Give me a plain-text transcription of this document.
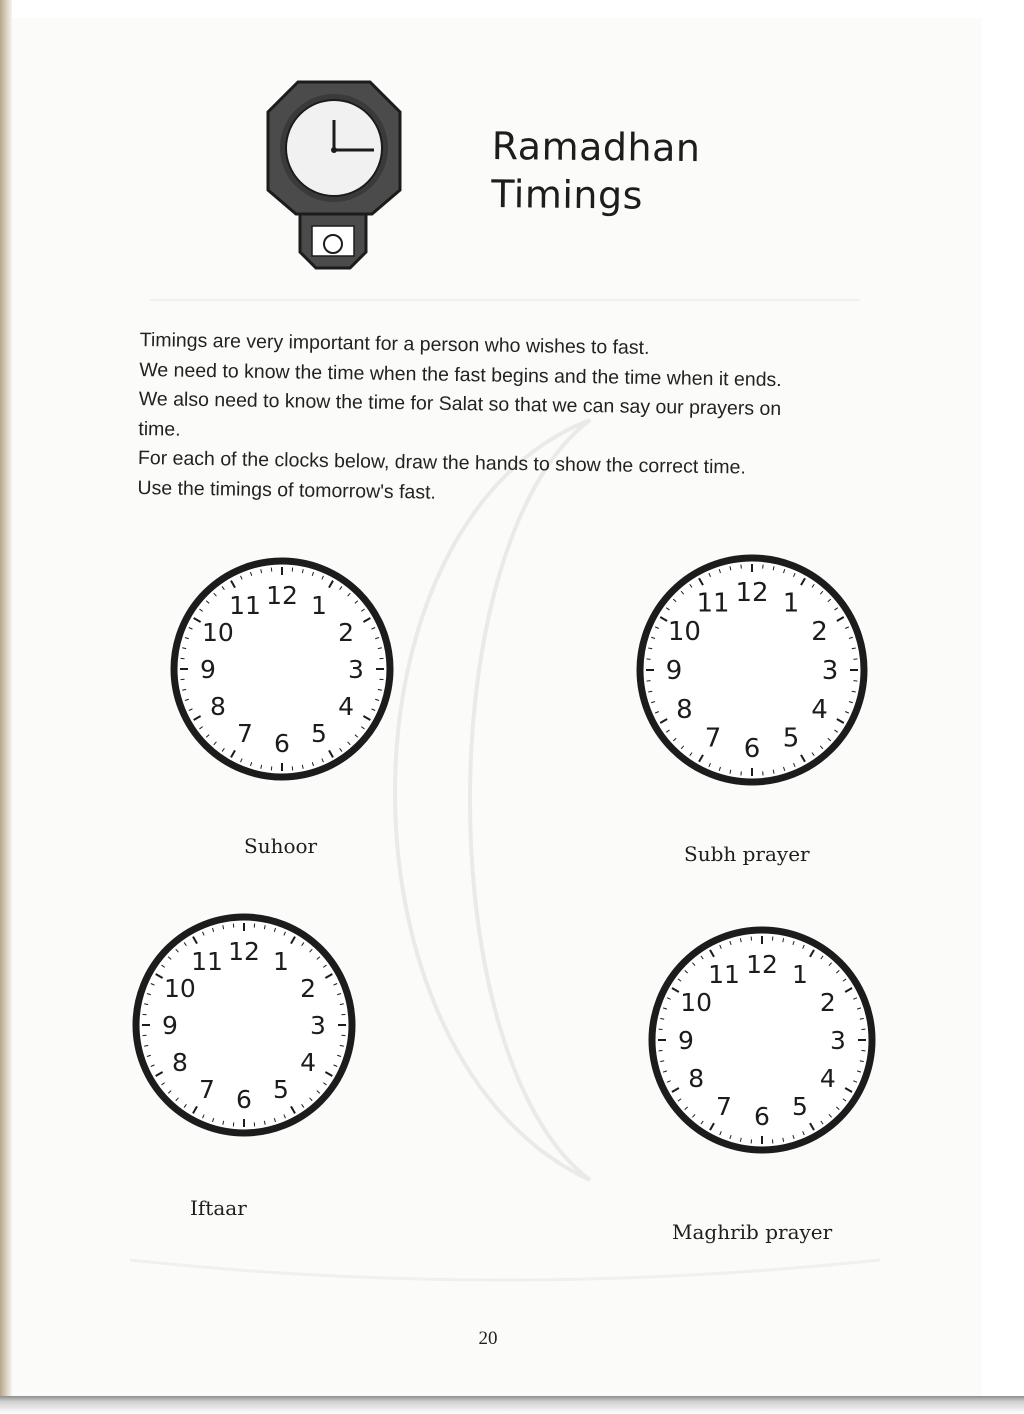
Ramadhan
Timings

Timings are very important for a person who wishes to fast.

We need to know the time when the fast begins and the time when it ends.

We also need to know the time for Salat so that we can say our prayers on

time.

For each of the clocks below, draw the hands to show the correct time.

Use the timings of tomorrow's fast.

12 1
2
3
4
5
6
7
8
9
10
11	12 1
2
3
4
5
6
7
8
9
10
11
12 1
2
3
4
5
6
7
8
9
10
11	12 1
2
3
4
5
6
7
8
9
10
11
Suhoor	Subh prayer
Iftaar
Maghrib prayer
20
